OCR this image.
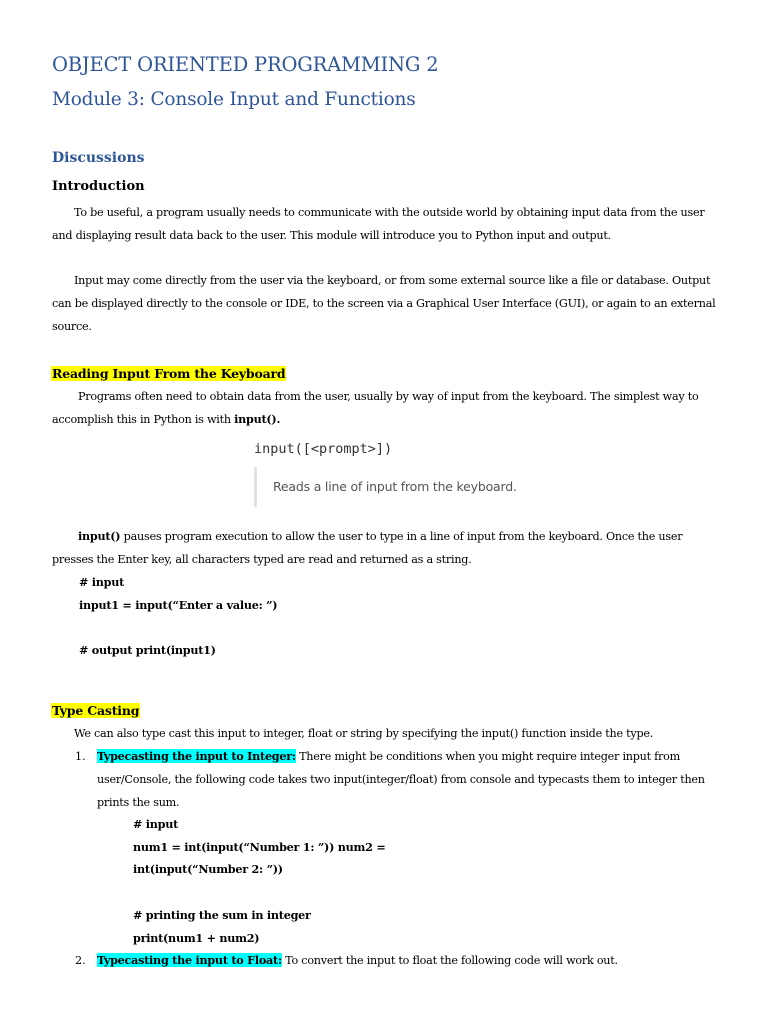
OBJECT ORIENTED PROGRAMMING 2
Module 3: Console Input and Functions
Discussions
Introduction
To be useful, a program usually needs to communicate with the outside world by obtaining input data from the user
and displaying result data back to the user. This module will introduce you to Python input and output.
Input may come directly from the user via the keyboard, or from some external source like a file or database. Output
can be displayed directly to the console or IDE, to the screen via a Graphical User Interface (GUI), or again to an external
source.
Reading Input From the Keyboard
Programs often need to obtain data from the user, usually by way of input from the keyboard. The simplest way to
accomplish this in Python is with input().
input([<prompt>])
Reads a line of input from the keyboard.
input() pauses program execution to allow the user to type in a line of input from the keyboard. Once the user
presses the Enter key, all characters typed are read and returned as a string.
# input
input1 = input(“Enter a value: ”)
# output print(input1)
Type Casting
We can also type cast this input to integer, float or string by specifying the input() function inside the type.
1. Typecasting the input to Integer: There might be conditions when you might require integer input from
user/Console, the following code takes two input(integer/float) from console and typecasts them to integer then
prints the sum.
# input
num1 = int(input(“Number 1: ”)) num2 =
int(input(“Number 2: ”))
# printing the sum in integer
print(num1 + num2)
2. Typecasting the input to Float: To convert the input to float the following code will work out.
